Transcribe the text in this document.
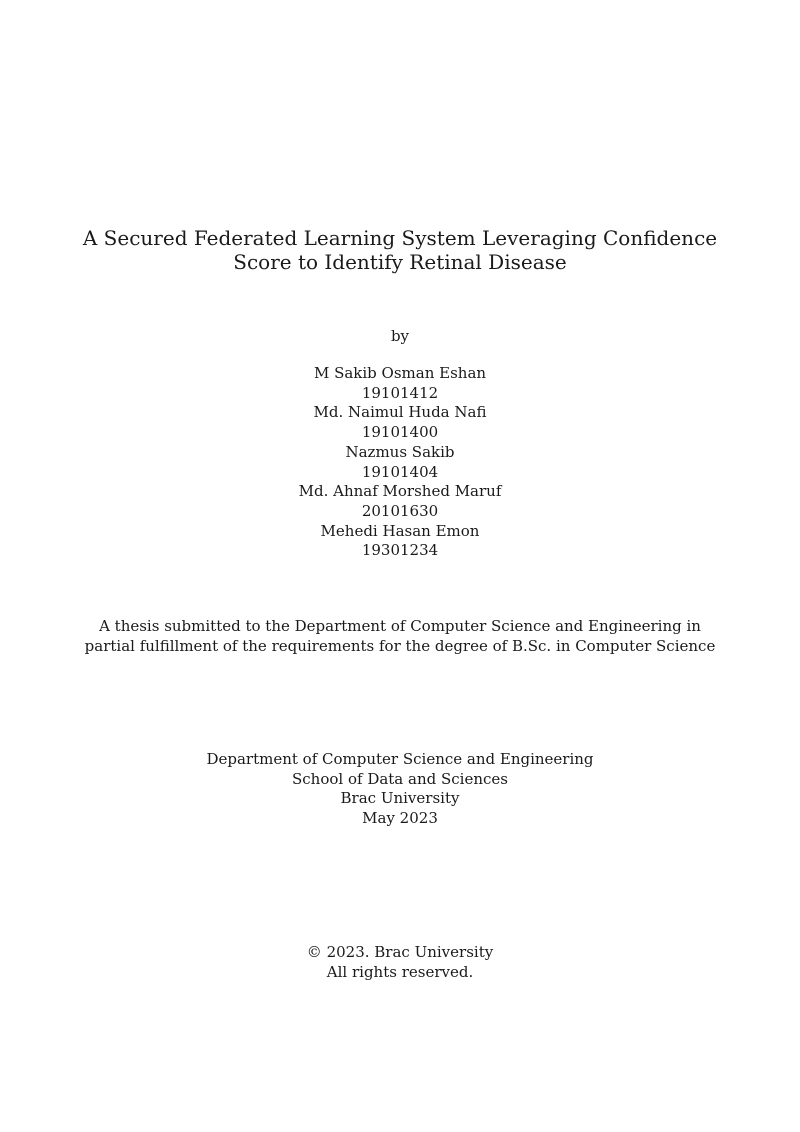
A Secured Federated Learning System Leveraging Confidence
Score to Identify Retinal Disease
by
M Sakib Osman Eshan
19101412
Md. Naimul Huda Nafi
19101400
Nazmus Sakib
19101404
Md. Ahnaf Morshed Maruf
20101630
Mehedi Hasan Emon
19301234
A thesis submitted to the Department of Computer Science and Engineering in
partial fulfillment of the requirements for the degree of B.Sc. in Computer Science
Department of Computer Science and Engineering
School of Data and Sciences
Brac University
May 2023
© 2023. Brac University
All rights reserved.
